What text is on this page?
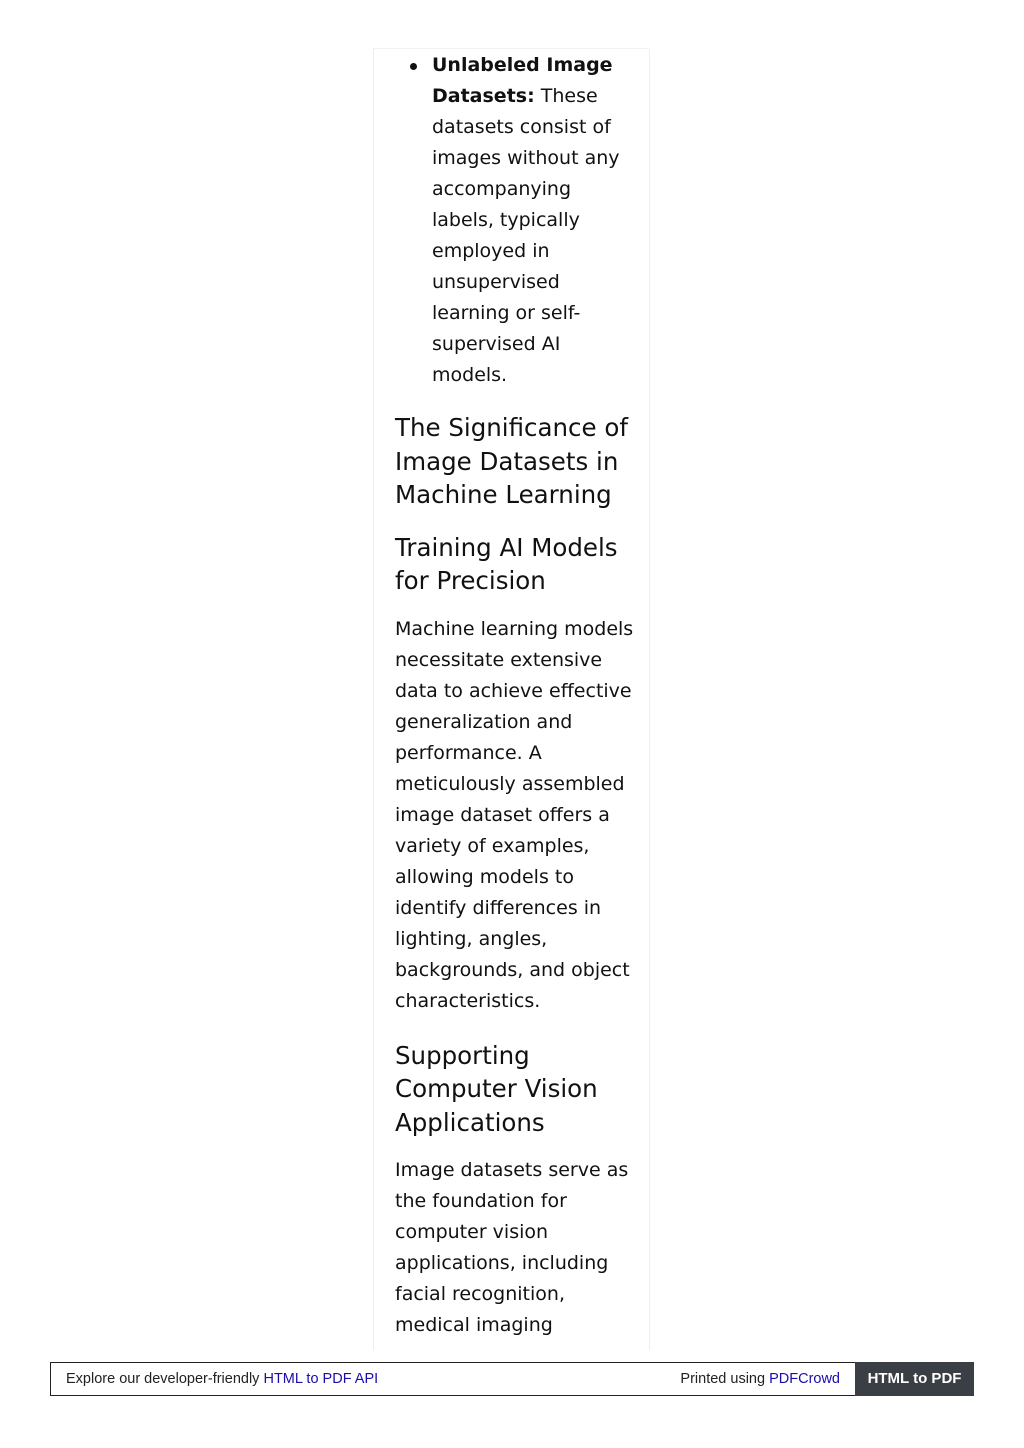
Unlabeled Image Datasets: These datasets consist of images without any accompanying labels, typically employed in unsupervised learning or self-supervised AI models.
The Significance of Image Datasets in Machine Learning
Training AI Models for Precision

Machine learning models necessitate extensive data to achieve effective generalization and performance. A meticulously assembled image dataset offers a variety of examples, allowing models to identify differences in lighting, angles, backgrounds, and object characteristics.

Supporting Computer Vision Applications

Image datasets serve as the foundation for computer vision applications, including facial recognition, medical imaging

Explore our developer-friendly HTML to PDF API	Printed using PDFCrowd	HTML to PDF
